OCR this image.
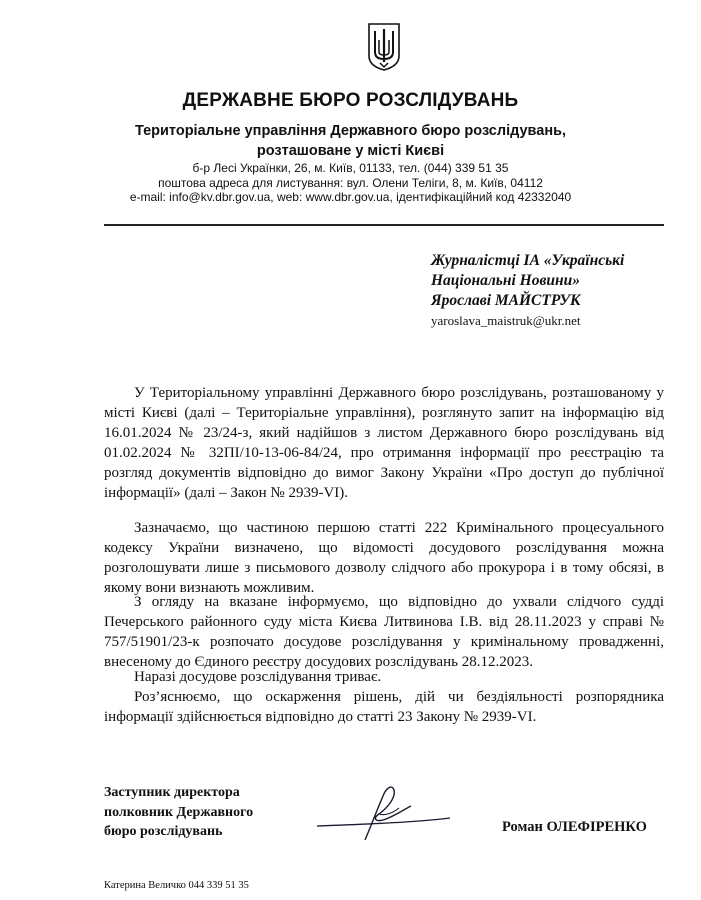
ДЕРЖАВНЕ БЮРО РОЗСЛІДУВАНЬ
Територіальне управління Державного бюро розслідувань,
розташоване у місті Києві
б-р Лесі Українки, 26, м. Київ, 01133, тел. (044) 339 51 35
поштова адреса для листування: вул. Олени Теліги, 8, м. Київ, 04112
e-mail: info@kv.dbr.gov.ua, web: www.dbr.gov.ua, ідентифікаційний код 42332040
Журналістці ІА «Українські
Національні Новини»
Ярославі МАЙСТРУК
yaroslava_maistruk@ukr.net
У Територіальному управлінні Державного бюро розслідувань, розташованому у місті Києві (далі – Територіальне управління), розглянуто запит на інформацію від 16.01.2024 № 23/24-з, який надійшов з листом Державного бюро розслідувань від 01.02.2024 № 32ПІ/10-13-06-84/24, про отримання інформації про реєстрацію та розгляд документів відповідно до вимог Закону України «Про доступ до публічної інформації» (далі – Закон № 2939-VI).
Зазначаємо, що частиною першою статті 222 Кримінального процесуального кодексу України визначено, що відомості досудового розслідування можна розголошувати лише з письмового дозволу слідчого або прокурора і в тому обсязі, в якому вони визнають можливим.
З огляду на вказане інформуємо, що відповідно до ухвали слідчого судді Печерського районного суду міста Києва Литвинова І.В. від 28.11.2023 у справі № 757/51901/23-к розпочато досудове розслідування у кримінальному провадженні, внесеному до Єдиного реєстру досудових розслідувань 28.12.2023.
Наразі досудове розслідування триває.
Роз’яснюємо, що оскарження рішень, дій чи бездіяльності розпорядника інформації здійснюється відповідно до статті 23 Закону № 2939-VI.
Заступник директора
полковник Державного
бюро розслідувань	Роман ОЛЕФІРЕНКО
Катерина Величко 044 339 51 35
